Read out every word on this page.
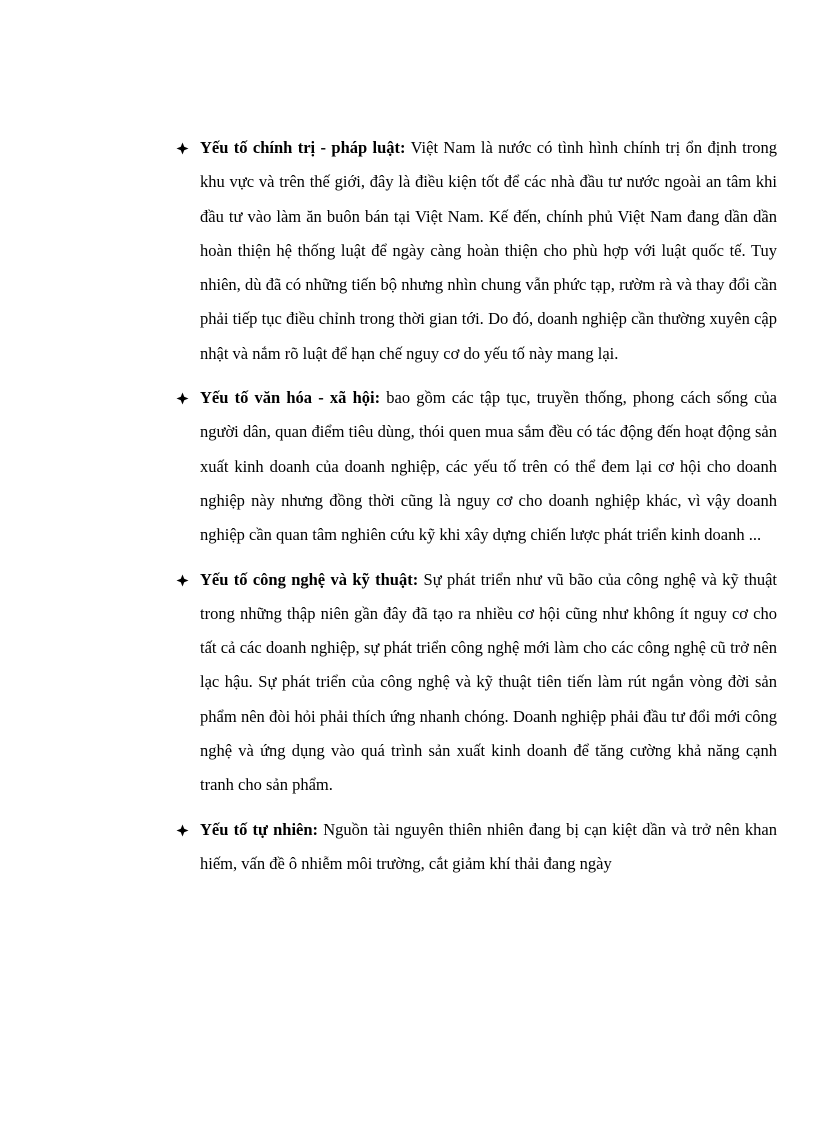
Yếu tố chính trị - pháp luật: Việt Nam là nước có tình hình chính trị ổn định trong khu vực và trên thế giới, đây là điều kiện tốt để các nhà đầu tư nước ngoài an tâm khi đầu tư vào làm ăn buôn bán tại Việt Nam. Kế đến, chính phủ Việt Nam đang dần dần hoàn thiện hệ thống luật để ngày càng hoàn thiện cho phù hợp với luật quốc tế. Tuy nhiên, dù đã có những tiến bộ nhưng nhìn chung vẫn phức tạp, rườm rà và thay đổi cần phải tiếp tục điều chỉnh trong thời gian tới. Do đó, doanh nghiệp cần thường xuyên cập nhật và nắm rõ luật để hạn chế nguy cơ do yếu tố này mang lại.
Yếu tố văn hóa - xã hội: bao gồm các tập tục, truyền thống, phong cách sống của người dân, quan điểm tiêu dùng, thói quen mua sắm đều có tác động đến hoạt động sản xuất kinh doanh của doanh nghiệp, các yếu tố trên có thể đem lại cơ hội cho doanh nghiệp này nhưng đồng thời cũng là nguy cơ cho doanh nghiệp khác, vì vậy doanh nghiệp cần quan tâm nghiên cứu kỹ khi xây dựng chiến lược phát triển kinh doanh ...
Yếu tố công nghệ và kỹ thuật: Sự phát triển như vũ bão của công nghệ và kỹ thuật trong những thập niên gần đây đã tạo ra nhiều cơ hội cũng như không ít nguy cơ cho tất cả các doanh nghiệp, sự phát triển công nghệ mới làm cho các công nghệ cũ trở nên lạc hậu. Sự phát triển của công nghệ và kỹ thuật tiên tiến làm rút ngắn vòng đời sản phẩm nên đòi hỏi phải thích ứng nhanh chóng. Doanh nghiệp phải đầu tư đổi mới công nghệ và ứng dụng vào quá trình sản xuất kinh doanh để tăng cường khả năng cạnh tranh cho sản phẩm.
Yếu tố tự nhiên: Nguồn tài nguyên thiên nhiên đang bị cạn kiệt dần và trở nên khan hiếm, vấn đề ô nhiễm môi trường, cắt giảm khí thải đang ngày
